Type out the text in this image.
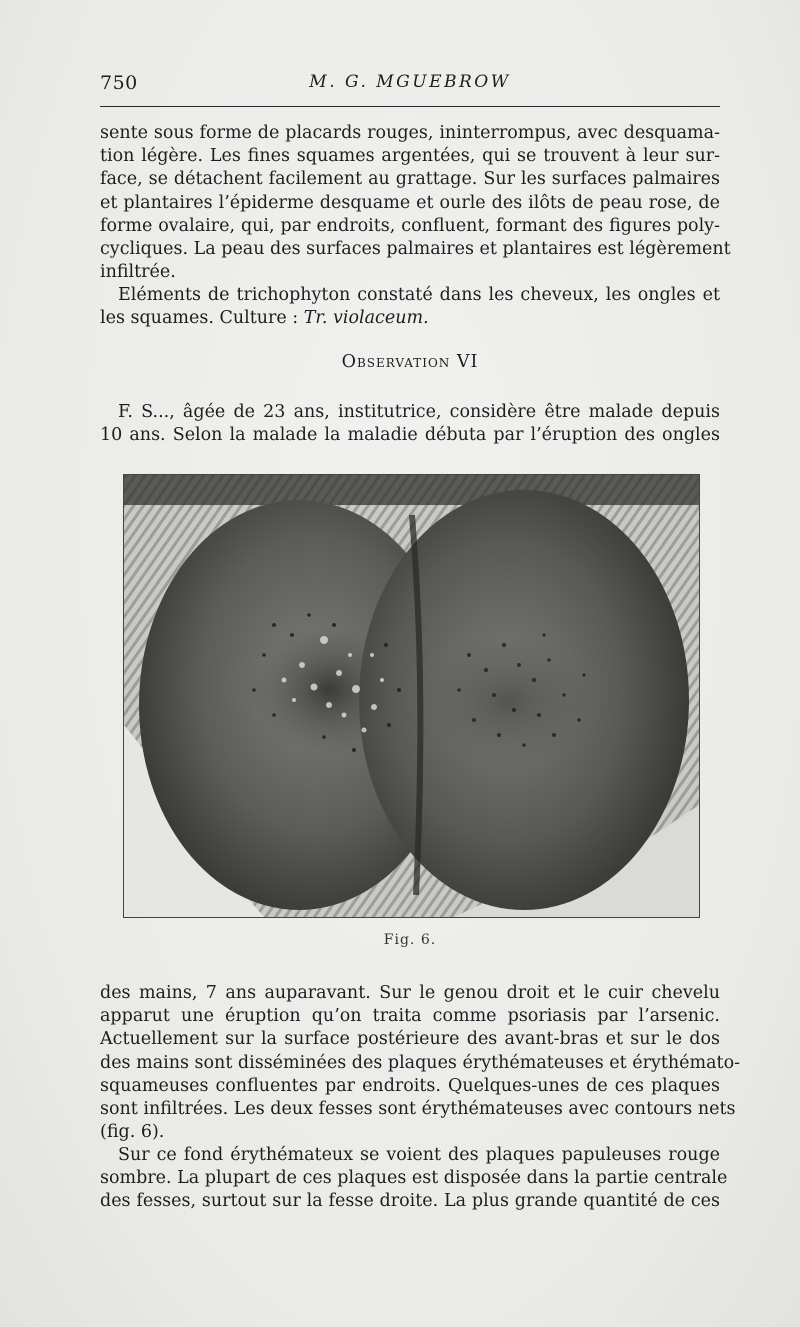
750	M. G. MGUEBROW
sente sous forme de placards rouges, ininterrompus, avec desquama-
tion légère. Les fines squames argentées, qui se trouvent à leur sur-
face, se détachent facilement au grattage. Sur les surfaces palmaires
et plantaires l’épiderme desquame et ourle des ilôts de peau rose, de
forme ovalaire, qui, par endroits, confluent, formant des figures poly-
cycliques. La peau des surfaces palmaires et plantaires est légèrement
infiltrée.
Eléments de trichophyton constaté dans les cheveux, les ongles et
les squames. Culture : Tr. violaceum.
Observation VI
F. S..., âgée de 23 ans, institutrice, considère être malade depuis
10 ans. Selon la malade la maladie débuta par l’éruption des ongles
Fig. 6.
des mains, 7 ans auparavant. Sur le genou droit et le cuir chevelu
apparut une éruption qu’on traita comme psoriasis par l’arsenic.
Actuellement sur la surface postérieure des avant-bras et sur le dos
des mains sont disséminées des plaques érythémateuses et érythémato-
squameuses confluentes par endroits. Quelques-unes de ces plaques
sont infiltrées. Les deux fesses sont érythémateuses avec contours nets
(fig. 6).
Sur ce fond érythémateux se voient des plaques papuleuses rouge
sombre. La plupart de ces plaques est disposée dans la partie centrale
des fesses, surtout sur la fesse droite. La plus grande quantité de ces
